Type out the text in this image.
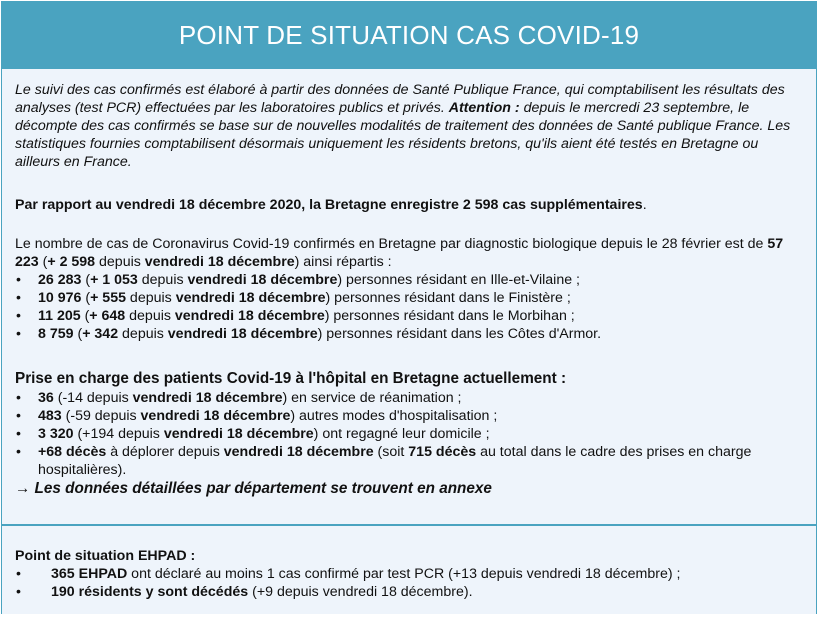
POINT DE SITUATION CAS COVID-19

Le suivi des cas confirmés est élaboré à partir des données de Santé Publique France, qui comptabilisent les résultats des analyses (test PCR) effectuées par les laboratoires publics et privés. Attention : depuis le mercredi 23 septembre, le décompte des cas confirmés se base sur de nouvelles modalités de traitement des données de Santé publique France. Les statistiques fournies comptabilisent désormais uniquement les résidents bretons, qu'ils aient été testés en Bretagne ou ailleurs en France.

Par rapport au vendredi 18 décembre 2020, la Bretagne enregistre 2 598 cas supplémentaires.

Le nombre de cas de Coronavirus Covid-19 confirmés en Bretagne par diagnostic biologique depuis le 28 février est de 57 223 (+ 2 598 depuis vendredi 18 décembre) ainsi répartis :

• 26 283 (+ 1 053 depuis vendredi 18 décembre) personnes résidant en Ille-et-Vilaine ;
• 10 976 (+ 555 depuis vendredi 18 décembre) personnes résidant dans le Finistère ;
• 11 205 (+ 648 depuis vendredi 18 décembre) personnes résidant dans le Morbihan ;
• 8 759 (+ 342 depuis vendredi 18 décembre) personnes résidant dans les Côtes d'Armor.

Prise en charge des patients Covid-19 à l'hôpital en Bretagne actuellement :

• 36 (-14 depuis vendredi 18 décembre) en service de réanimation ;
• 483 (-59 depuis vendredi 18 décembre) autres modes d'hospitalisation ;
• 3 320 (+194 depuis vendredi 18 décembre) ont regagné leur domicile ;
• +68 décès à déplorer depuis vendredi 18 décembre (soit 715 décès au total dans le cadre des prises en charge hospitalières).

→ Les données détaillées par département se trouvent en annexe

Point de situation EHPAD :

• 365 EHPAD ont déclaré au moins 1 cas confirmé par test PCR (+13 depuis vendredi 18 décembre) ;
• 190 résidents y sont décédés (+9 depuis vendredi 18 décembre).
